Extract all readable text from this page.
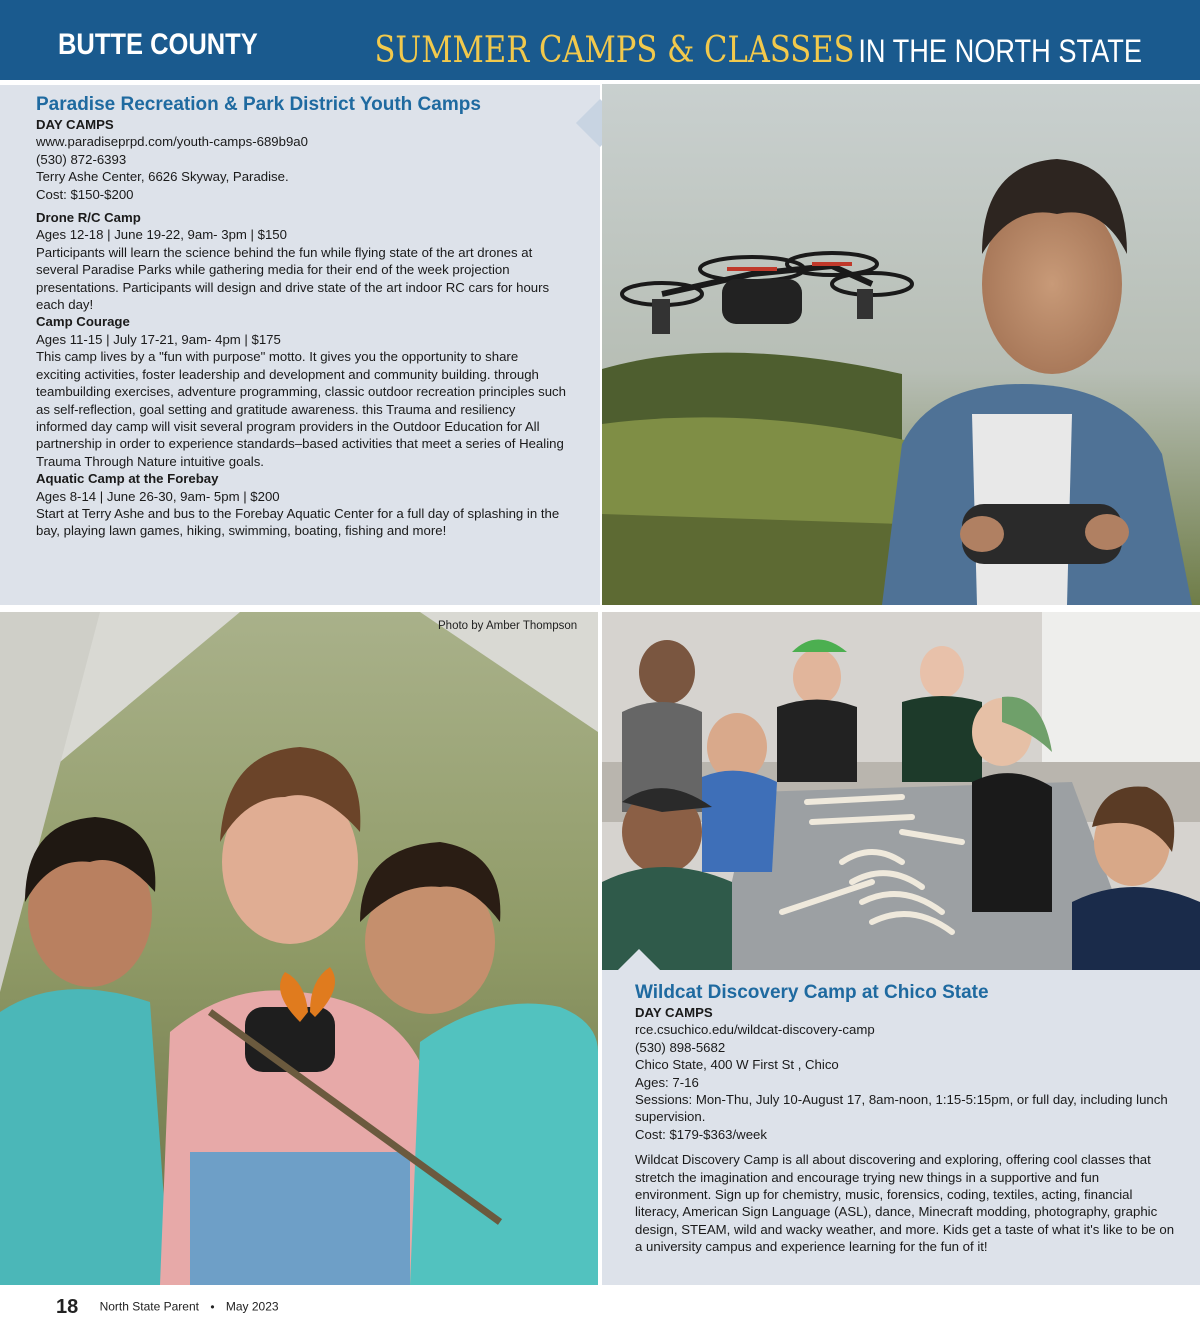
BUTTE COUNTY	SUMMER CAMPS & CLASSES IN THE NORTH STATE

Paradise Recreation & Park District Youth Camps

DAY CAMPS

www.paradiseprpd.com/youth-camps-689b9a0

(530) 872-6393

Terry Ashe Center, 6626 Skyway, Paradise.

Cost: $150-$200

Drone R/C Camp

Ages 12-18 | June 19-22, 9am- 3pm | $150

Participants will learn the science behind the fun while flying state of the art drones at several Paradise Parks while gathering media for their end of the week projection presentations. Participants will design and drive state of the art indoor RC cars for hours each day!

Camp Courage

Ages 11-15 | July 17-21, 9am- 4pm | $175

This camp lives by a "fun with purpose" motto. It gives you the opportunity to share exciting activities, foster leadership and development and community building. through teambuilding exercises, adventure programming, classic outdoor recreation principles such as self-reflection, goal setting and gratitude awareness. this Trauma and resiliency informed day camp will visit several program providers in the Outdoor Education for All partnership in order to experience standards–based activities that meet a series of Healing Trauma Through Nature intuitive goals.

Aquatic Camp at the Forebay

Ages 8-14 | June 26-30, 9am- 5pm | $200

Start at Terry Ashe and bus to the Forebay Aquatic Center for a full day of splashing in the bay, playing lawn games, hiking, swimming, boating, fishing and more!

Photo by Amber Thompson

Wildcat Discovery Camp at Chico State

DAY CAMPS

rce.csuchico.edu/wildcat-discovery-camp

(530) 898-5682

Chico State, 400 W First St , Chico

Ages: 7-16

Sessions: Mon-Thu, July 10-August 17, 8am-noon, 1:15-5:15pm, or full day, including lunch supervision.

Cost: $179-$363/week

Wildcat Discovery Camp is all about discovering and exploring, offering cool classes that stretch the imagination and encourage trying new things in a supportive and fun environment. Sign up for chemistry, music, forensics, coding, textiles, acting, financial literacy, American Sign Language (ASL), dance, Minecraft modding, photography, graphic design, STEAM, wild and wacky weather, and more. Kids get a taste of what it's like to be on a university campus and experience learning for the fun of it!

18 North State Parent • May 2023
